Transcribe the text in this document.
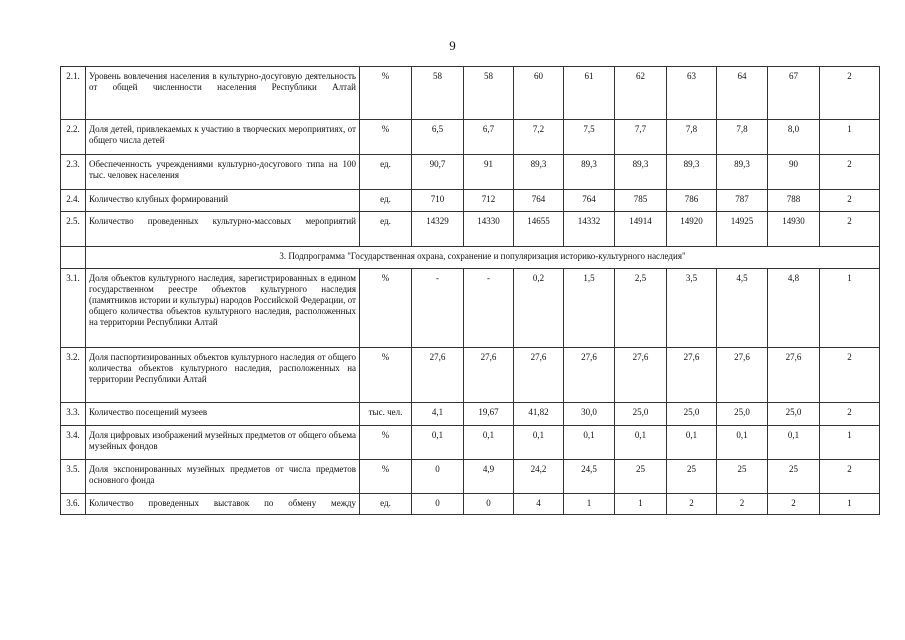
9
2.1.	Уровень вовлечения населения в культурно-досуговую деятельность от общей численности населения Республики Алтай	%	58	58	60	61	62	63	64	67	2
2.2.	Доля детей, привлекаемых к участию в творческих мероприятиях, от общего числа детей	%	6,5	6,7	7,2	7,5	7,7	7,8	7,8	8,0	1
2.3.	Обеспеченность учреждениями культурно-досугового типа на 100 тыс. человек населения	ед.	90,7	91	89,3	89,3	89,3	89,3	89,3	90	2
2.4.	Количество клубных формирований	ед.	710	712	764	764	785	786	787	788	2
2.5.	Количество проведенных культурно-массовых мероприятий	ед.	14329	14330	14655	14332	14914	14920	14925	14930	2
	3. Подпрограмма "Государственная охрана, сохранение и популяризация историко-культурного наследия"										
3.1.	Доля объектов культурного наследия, зарегистрированных в едином государственном реестре объектов культурного наследия (памятников истории и культуры) народов Российской Федерации, от общего количества объектов культурного наследия, расположенных на территории Республики Алтай	%	-	-	0,2	1,5	2,5	3,5	4,5	4,8	1
3.2.	Доля паспортизированных объектов культурного наследия от общего количества объектов культурного наследия, расположенных на территории Республики Алтай	%	27,6	27,6	27,6	27,6	27,6	27,6	27,6	27,6	2
3.3.	Количество посещений музеев	тыс. чел.	4,1	19,67	41,82	30,0	25,0	25,0	25,0	25,0	2
3.4.	Доля цифровых изображений музейных предметов от общего объема музейных фондов	%	0,1	0,1	0,1	0,1	0,1	0,1	0,1	0,1	1
3.5.	Доля экспонированных музейных предметов от числа предметов основного фонда	%	0	4,9	24,2	24,5	25	25	25	25	2
3.6.	Количество проведенных выставок по обмену между	ед.	0	0	4	1	1	2	2	2	1
